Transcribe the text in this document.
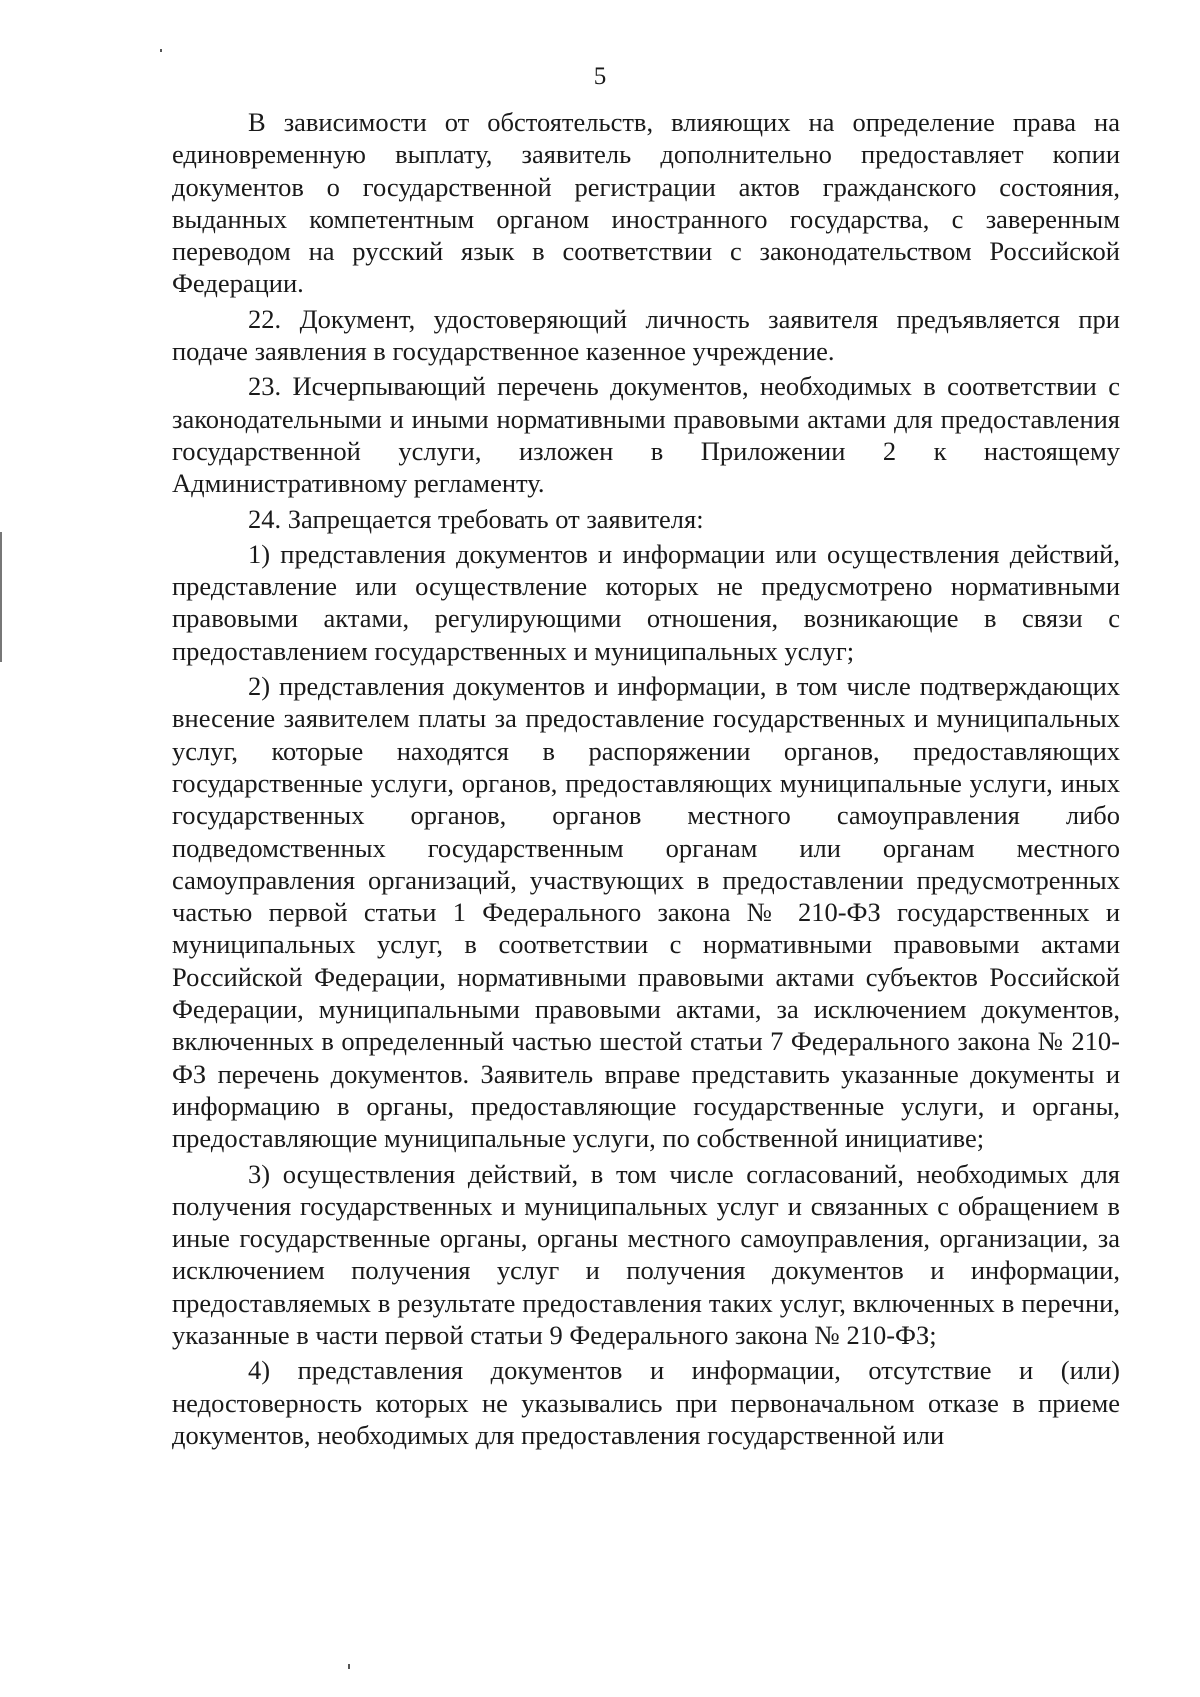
5

В зависимости от обстоятельств, влияющих на определение права на единовременную выплату, заявитель дополнительно предоставляет копии документов о государственной регистрации актов гражданского состояния, выданных компетентным органом иностранного государства, с заверенным переводом на русский язык в соответствии с законодательством Российской Федерации.

22. Документ, удостоверяющий личность заявителя предъявляется при подаче заявления в государственное казенное учреждение.

23. Исчерпывающий перечень документов, необходимых в соответствии с законодательными и иными нормативными правовыми актами для предоставления государственной услуги, изложен в Приложении 2 к настоящему Административному регламенту.

24. Запрещается требовать от заявителя:

1) представления документов и информации или осуществления действий, представление или осуществление которых не предусмотрено нормативными правовыми актами, регулирующими отношения, возникающие в связи с предоставлением государственных и муниципальных услуг;

2) представления документов и информации, в том числе подтверждающих внесение заявителем платы за предоставление государственных и муниципальных услуг, которые находятся в распоряжении органов, предоставляющих государственные услуги, органов, предоставляющих муниципальные услуги, иных государственных органов, органов местного самоуправления либо подведомственных государственным органам или органам местного самоуправления организаций, участвующих в предоставлении предусмотренных частью первой статьи 1 Федерального закона № 210-ФЗ государственных и муниципальных услуг, в соответствии с нормативными правовыми актами Российской Федерации, нормативными правовыми актами субъектов Российской Федерации, муниципальными правовыми актами, за исключением документов, включенных в определенный частью шестой статьи 7 Федерального закона № 210-ФЗ перечень документов. Заявитель вправе представить указанные документы и информацию в органы, предоставляющие государственные услуги, и органы, предоставляющие муниципальные услуги, по собственной инициативе;

3) осуществления действий, в том числе согласований, необходимых для получения государственных и муниципальных услуг и связанных с обращением в иные государственные органы, органы местного самоуправления, организации, за исключением получения услуг и получения документов и информации, предоставляемых в результате предоставления таких услуг, включенных в перечни, указанные в части первой статьи 9 Федерального закона № 210-ФЗ;

4) представления документов и информации, отсутствие и (или) недостоверность которых не указывались при первоначальном отказе в приеме документов, необходимых для предоставления государственной или
